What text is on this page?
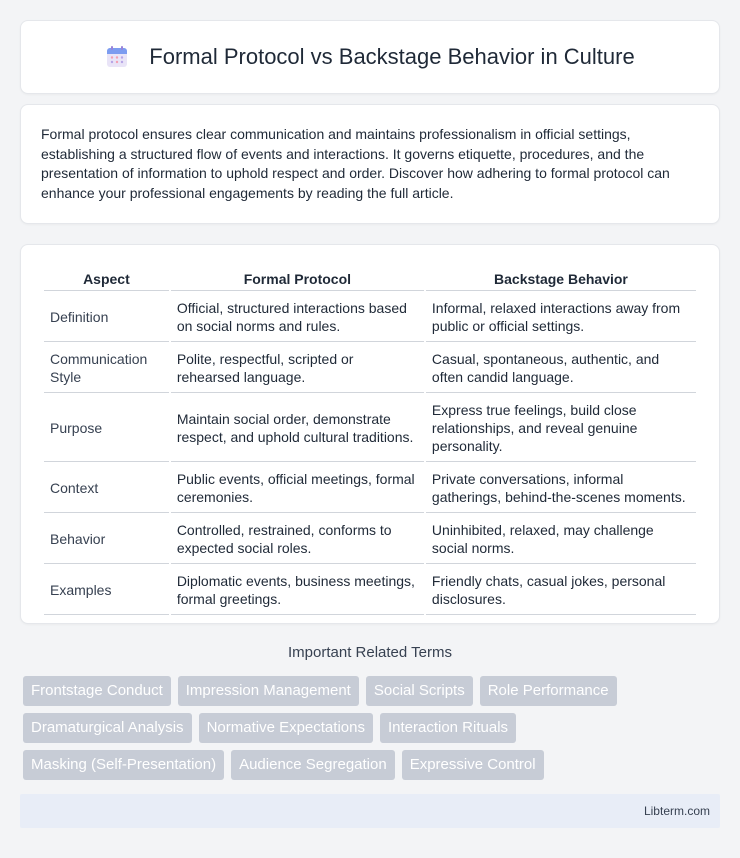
Formal Protocol vs Backstage Behavior in Culture

Formal protocol ensures clear communication and maintains professionalism in official settings, establishing a structured flow of events and interactions. It governs etiquette, procedures, and the presentation of information to uphold respect and order. Discover how adhering to formal protocol can enhance your professional engagements by reading the full article.

Aspect	Formal Protocol	Backstage Behavior
Definition	Official, structured interactions based on social norms and rules.	Informal, relaxed interactions away from public or official settings.
Communication Style	Polite, respectful, scripted or rehearsed language.	Casual, spontaneous, authentic, and often candid language.
Purpose	Maintain social order, demonstrate respect, and uphold cultural traditions.	Express true feelings, build close relationships, and reveal genuine personality.
Context	Public events, official meetings, formal ceremonies.	Private conversations, informal gatherings, behind-the-scenes moments.
Behavior	Controlled, restrained, conforms to expected social roles.	Uninhibited, relaxed, may challenge social norms.
Examples	Diplomatic events, business meetings, formal greetings.	Friendly chats, casual jokes, personal disclosures.
Important Related Terms
Frontstage Conduct	Impression Management	Social Scripts	Role Performance
Dramaturgical Analysis	Normative Expectations	Interaction Rituals
Masking (Self-Presentation)	Audience Segregation	Expressive Control
Libterm.com
